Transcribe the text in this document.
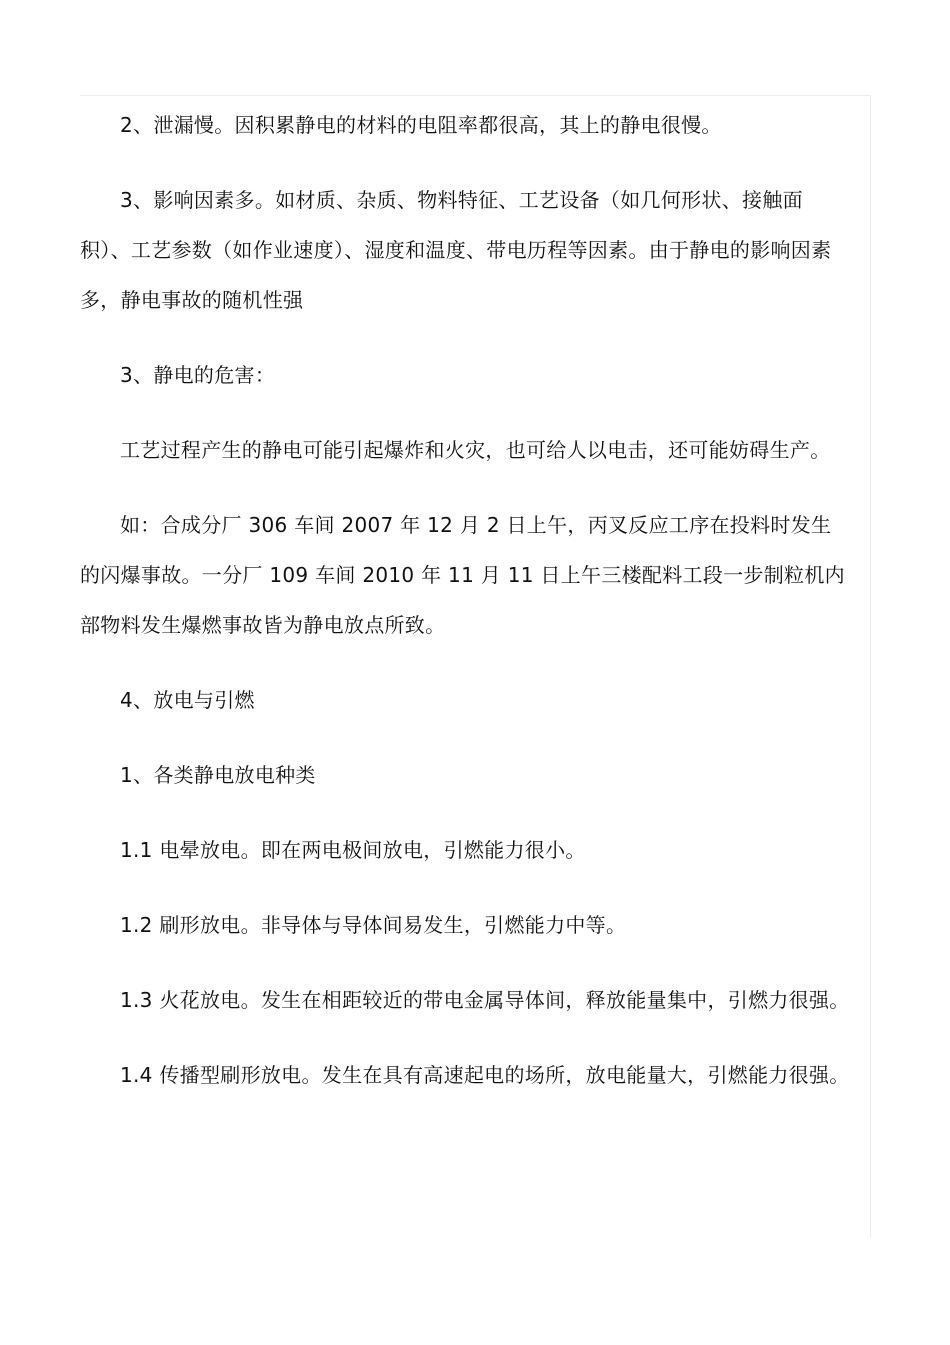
2、泄漏慢。因积累静电的材料的电阻率都很高，其上的静电很慢。

3、影响因素多。如材质、杂质、物料特征、工艺设备（如几何形状、接触面积）、工艺参数（如作业速度）、湿度和温度、带电历程等因素。由于静电的影响因素多，静电事故的随机性强

3、静电的危害：

工艺过程产生的静电可能引起爆炸和火灾，也可给人以电击，还可能妨碍生产。

如：合成分厂 306 车间 2007 年 12 月 2 日上午，丙叉反应工序在投料时发生的闪爆事故。一分厂 109 车间 2010 年 11 月 11 日上午三楼配料工段一步制粒机内部物料发生爆燃事故皆为静电放点所致。

4、放电与引燃

1、各类静电放电种类

1.1 电晕放电。即在两电极间放电，引燃能力很小。

1.2 刷形放电。非导体与导体间易发生，引燃能力中等。

1.3 火花放电。发生在相距较近的带电金属导体间，释放能量集中，引燃力很强。

1.4 传播型刷形放电。发生在具有高速起电的场所，放电能量大，引燃能力很强。
